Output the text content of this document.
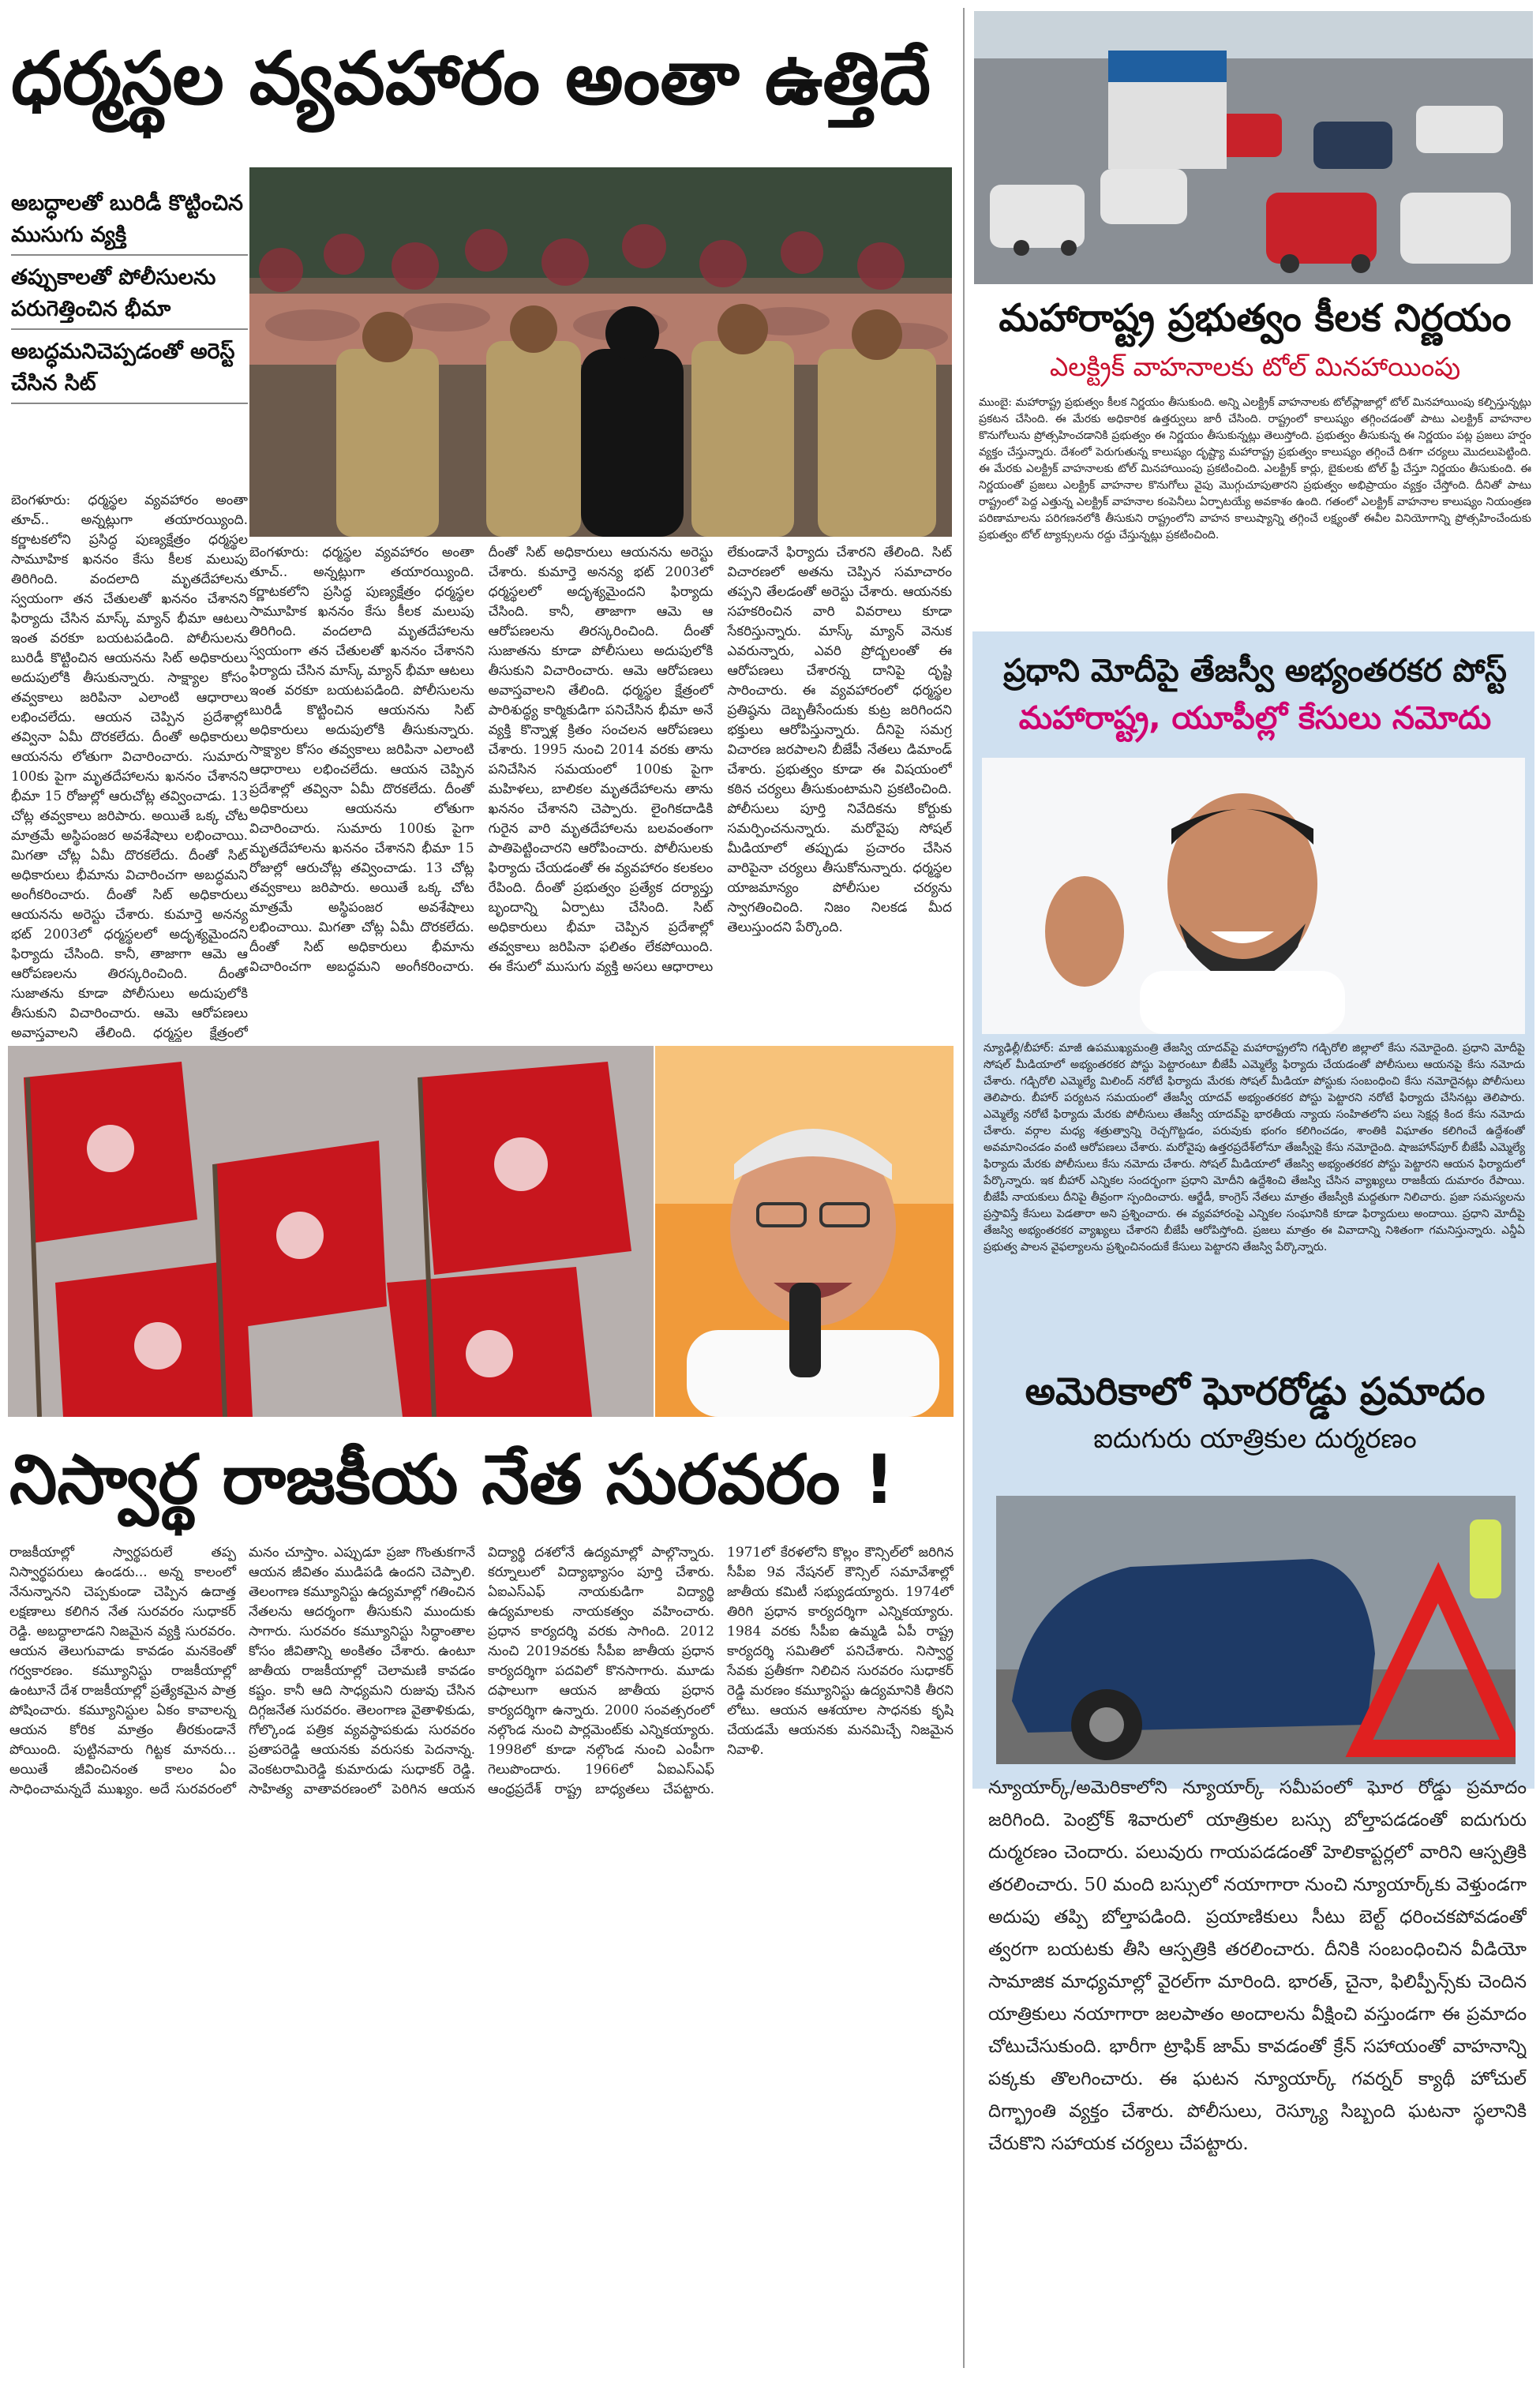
ధర్మస్థల వ్యవహారం అంతా ఉత్తిదే
అబద్ధాలతో బురిడీ కొట్టించిన ముసుగు వ్యక్తి
తప్పుకాలతో పోలీసులను పరుగెత్తించిన భీమా
అబద్ధమనిచెప్పడంతో అరెస్ట్ చేసిన సిట్
బెంగళూరు: ధర్మస్థల వ్యవహారం అంతా తూచ్.. అన్నట్లుగా తయారయ్యింది. కర్ణాటకలోని ప్రసిద్ధ పుణ్యక్షేత్రం ధర్మస్థల సామూహిక ఖననం కేసు కీలక మలుపు తిరిగింది. వందలాది మృతదేహాలను స్వయంగా తన చేతులతో ఖననం చేశానని ఫిర్యాదు చేసిన మాస్క్ మ్యాన్ భీమా ఆటలు ఇంత వరకూ బయటపడింది. పోలీసులను బురిడీ కొట్టించిన ఆయనను సిట్ అధికారులు అదుపులోకి తీసుకున్నారు. సాక్ష్యాల కోసం తవ్వకాలు జరిపినా ఎలాంటి ఆధారాలు లభించలేదు. ఆయన చెప్పిన ప్రదేశాల్లో తవ్వినా ఏమీ దొరకలేదు. దీంతో అధికారులు ఆయనను లోతుగా విచారించారు. సుమారు 100కు పైగా మృతదేహాలను ఖననం చేశానని భీమా 15 రోజుల్లో ఆరుచోట్ల తవ్వించాడు. 13 చోట్ల తవ్వకాలు జరిపారు. అయితే ఒక్క చోట మాత్రమే అస్థిపంజర అవశేషాలు లభించాయి. మిగతా చోట్ల ఏమీ దొరకలేదు. దీంతో సిట్ అధికారులు భీమాను విచారించగా అబద్ధమని అంగీకరించారు. దీంతో సిట్ అధికారులు ఆయనను అరెస్టు చేశారు. కుమార్తె అనన్య భట్ 2003లో ధర్మస్థలలో అదృశ్యమైందని ఫిర్యాదు చేసింది. కానీ, తాజాగా ఆమె ఆ ఆరోపణలను తిరస్కరించింది. దీంతో సుజాతను కూడా పోలీసులు అదుపులోకి తీసుకుని విచారించారు. ఆమె ఆరోపణలు అవాస్తవాలని తేలింది. ధర్మస్థల క్షేత్రంలో
బెంగళూరు: ధర్మస్థల వ్యవహారం అంతా తూచ్.. అన్నట్లుగా తయారయ్యింది. కర్ణాటకలోని ప్రసిద్ధ పుణ్యక్షేత్రం ధర్మస్థల సామూహిక ఖననం కేసు కీలక మలుపు తిరిగింది. వందలాది మృతదేహాలను స్వయంగా తన చేతులతో ఖననం చేశానని ఫిర్యాదు చేసిన మాస్క్ మ్యాన్ భీమా ఆటలు ఇంత వరకూ బయటపడింది. పోలీసులను బురిడీ కొట్టించిన ఆయనను సిట్ అధికారులు అదుపులోకి తీసుకున్నారు. సాక్ష్యాల కోసం తవ్వకాలు జరిపినా ఎలాంటి ఆధారాలు లభించలేదు. ఆయన చెప్పిన ప్రదేశాల్లో తవ్వినా ఏమీ దొరకలేదు. దీంతో అధికారులు ఆయనను లోతుగా విచారించారు. సుమారు 100కు పైగా మృతదేహాలను ఖననం చేశానని భీమా 15 రోజుల్లో ఆరుచోట్ల తవ్వించాడు. 13 చోట్ల తవ్వకాలు జరిపారు. అయితే ఒక్క చోట మాత్రమే అస్థిపంజర అవశేషాలు లభించాయి. మిగతా చోట్ల ఏమీ దొరకలేదు. దీంతో సిట్ అధికారులు భీమాను విచారించగా అబద్ధమని అంగీకరించారు. దీంతో సిట్ అధికారులు ఆయనను అరెస్టు చేశారు. కుమార్తె అనన్య భట్ 2003లో ధర్మస్థలలో అదృశ్యమైందని ఫిర్యాదు చేసింది. కానీ, తాజాగా ఆమె ఆ ఆరోపణలను తిరస్కరించింది. దీంతో సుజాతను కూడా పోలీసులు అదుపులోకి తీసుకుని విచారించారు. ఆమె ఆరోపణలు అవాస్తవాలని తేలింది. ధర్మస్థల క్షేత్రంలో పారిశుద్ధ్య కార్మికుడిగా పనిచేసిన భీమా అనే వ్యక్తి కొన్నాళ్ల క్రితం సంచలన ఆరోపణలు చేశారు. 1995 నుంచి 2014 వరకు తాను పనిచేసిన సమయంలో 100కు పైగా మహిళలు, బాలికల మృతదేహాలను తాను ఖననం చేశానని చెప్పారు. లైంగికదాడికి గురైన వారి మృతదేహాలను బలవంతంగా పాతిపెట్టించారని ఆరోపించారు. పోలీసులకు ఫిర్యాదు చేయడంతో ఈ వ్యవహారం కలకలం రేపింది. దీంతో ప్రభుత్వం ప్రత్యేక దర్యాప్తు బృందాన్ని ఏర్పాటు చేసింది. సిట్ అధికారులు భీమా చెప్పిన ప్రదేశాల్లో తవ్వకాలు జరిపినా ఫలితం లేకపోయింది. ఈ కేసులో ముసుగు వ్యక్తి అసలు ఆధారాలు లేకుండానే ఫిర్యాదు చేశారని తేలింది. సిట్ విచారణలో అతను చెప్పిన సమాచారం తప్పని తేలడంతో అరెస్టు చేశారు. ఆయనకు సహకరించిన వారి వివరాలు కూడా సేకరిస్తున్నారు. మాస్క్ మ్యాన్ వెనుక ఎవరున్నారు, ఎవరి ప్రోద్బలంతో ఈ ఆరోపణలు చేశారన్న దానిపై దృష్టి సారించారు. ఈ వ్యవహారంలో ధర్మస్థల ప్రతిష్ఠను దెబ్బతీసేందుకు కుట్ర జరిగిందని భక్తులు ఆరోపిస్తున్నారు. దీనిపై సమగ్ర విచారణ జరపాలని బీజేపీ నేతలు డిమాండ్ చేశారు. ప్రభుత్వం కూడా ఈ విషయంలో కఠిన చర్యలు తీసుకుంటామని ప్రకటించింది. పోలీసులు పూర్తి నివేదికను కోర్టుకు సమర్పించనున్నారు. మరోవైపు సోషల్ మీడియాలో తప్పుడు ప్రచారం చేసిన వారిపైనా చర్యలు తీసుకోనున్నారు. ధర్మస్థల యాజమాన్యం పోలీసుల చర్యను స్వాగతించింది. నిజం నిలకడ మీద తెలుస్తుందని పేర్కొంది.
నిస్వార్థ రాజకీయ నేత సురవరం !
రాజకీయాల్లో స్వార్థపరులే తప్ప నిస్వార్థపరులు ఉండరు... అన్న కాలంలో నేనున్నానని చెప్పకుండా చెప్పిన ఉదాత్త లక్షణాలు కలిగిన నేత సురవరం సుధాకర్ రెడ్డి. అబద్ధాలాడని నిజమైన వ్యక్తి సురవరం. ఆయన తెలుగువాడు కావడం మనకెంతో గర్వకారణం. కమ్యూనిస్టు రాజకీయాల్లో ఉంటూనే దేశ రాజకీయాల్లో ప్రత్యేకమైన పాత్ర పోషించారు. కమ్యూనిస్టుల ఏకం కావాలన్న ఆయన కోరిక మాత్రం తీరకుండానే పోయింది. పుట్టినవారు గిట్టక మానరు... అయితే జీవించినంత కాలం ఏం సాధించామన్నదే ముఖ్యం. అదే సురవరంలో మనం చూస్తాం. ఎప్పుడూ ప్రజా గొంతుకగానే ఆయన జీవితం ముడిపడి ఉందని చెప్పాలి. తెలంగాణ కమ్యూనిస్టు ఉద్యమాల్లో గతించిన నేతలను ఆదర్శంగా తీసుకుని ముందుకు సాగారు. సురవరం కమ్యూనిస్టు సిద్ధాంతాల కోసం జీవితాన్ని అంకితం చేశారు. ఉంటూ జాతీయ రాజకీయాల్లో చెలామణి కావడం కష్టం. కానీ ఆది సాధ్యమని రుజువు చేసిన దిగ్గజనేత సురవరం. తెలంగాణ వైతాళికుడు, గోల్కొండ పత్రిక వ్యవస్థాపకుడు సురవరం ప్రతాపరెడ్డి ఆయనకు వరుసకు పెదనాన్న. వెంకటరామిరెడ్డి కుమారుడు సుధాకర్ రెడ్డి. సాహిత్య వాతావరణంలో పెరిగిన ఆయన విద్యార్థి దశలోనే ఉద్యమాల్లో పాల్గొన్నారు. కర్నూలులో విద్యాభ్యాసం పూర్తి చేశారు. ఏఐఎస్ఎఫ్ నాయకుడిగా విద్యార్థి ఉద్యమాలకు నాయకత్వం వహించారు. ప్రధాన కార్యదర్శి వరకు సాగింది. 2012 నుంచి 2019వరకు సీపీఐ జాతీయ ప్రధాన కార్యదర్శిగా పదవిలో కొనసాగారు. మూడు దఫాలుగా ఆయన జాతీయ ప్రధాన కార్యదర్శిగా ఉన్నారు. 2000 సంవత్సరంలో నల్గొండ నుంచి పార్లమెంట్‌కు ఎన్నికయ్యారు. 1998లో కూడా నల్గొండ నుంచి ఎంపీగా గెలుపొందారు. 1966లో ఏఐఎస్ఎఫ్ ఆంధ్రప్రదేశ్ రాష్ట్ర బాధ్యతలు చేపట్టారు. 1971లో కేరళలోని కొల్లం కౌన్సిల్‌లో జరిగిన సీపీఐ 9వ నేషనల్ కౌన్సిల్ సమావేశాల్లో జాతీయ కమిటీ సభ్యుడయ్యారు. 1974లో తిరిగి ప్రధాన కార్యదర్శిగా ఎన్నికయ్యారు. 1984 వరకు సీపీఐ ఉమ్మడి ఏపీ రాష్ట్ర కార్యదర్శి సమితిలో పనిచేశారు. నిస్వార్థ సేవకు ప్రతీకగా నిలిచిన సురవరం సుధాకర్ రెడ్డి మరణం కమ్యూనిస్టు ఉద్యమానికి తీరని లోటు. ఆయన ఆశయాల సాధనకు కృషి చేయడమే ఆయనకు మనమిచ్చే నిజమైన నివాళి.
మహారాష్ట్ర ప్రభుత్వం కీలక నిర్ణయం
ఎలక్ట్రిక్ వాహనాలకు టోల్ మినహాయింపు
ముంబై: మహారాష్ట్ర ప్రభుత్వం కీలక నిర్ణయం తీసుకుంది. అన్ని ఎలక్ట్రిక్ వాహనాలకు టోల్‌ప్లాజాల్లో టోల్ మినహాయింపు కల్పిస్తున్నట్లు ప్రకటన చేసింది. ఈ మేరకు అధికారిక ఉత్తర్వులు జారీ చేసింది. రాష్ట్రంలో కాలుష్యం తగ్గించడంతో పాటు ఎలక్ట్రిక్ వాహనాల కొనుగోలును ప్రోత్సహించడానికి ప్రభుత్వం ఈ నిర్ణయం తీసుకున్నట్లు తెలుస్తోంది. ప్రభుత్వం తీసుకున్న ఈ నిర్ణయం పట్ల ప్రజలు హర్షం వ్యక్తం చేస్తున్నారు. దేశంలో పెరుగుతున్న కాలుష్యం దృష్ట్యా మహారాష్ట్ర ప్రభుత్వం కాలుష్యం తగ్గించే దిశగా చర్యలు మొదలుపెట్టింది. ఈ మేరకు ఎలక్ట్రిక్ వాహనాలకు టోల్ మినహాయింపు ప్రకటించింది. ఎలక్ట్రిక్ కార్లు, బైకులకు టోల్ ఫ్రీ చేస్తూ నిర్ణయం తీసుకుంది. ఈ నిర్ణయంతో ప్రజలు ఎలక్ట్రిక్ వాహనాల కొనుగోలు వైపు మొగ్గుచూపుతారని ప్రభుత్వం అభిప్రాయం వ్యక్తం చేస్తోంది. దీనితో పాటు రాష్ట్రంలో పెద్ద ఎత్తున్న ఎలక్ట్రిక్ వాహనాల కంపెనీలు ఏర్పాటయ్యే అవకాశం ఉంది. గతంలో ఎలక్ట్రిక్ వాహనాల కాలుష్యం నియంత్రణ పరిణామాలను పరిగణనలోకి తీసుకుని రాష్ట్రంలోని వాహన కాలుష్యాన్ని తగ్గించే లక్ష్యంతో ఈవీల వినియోగాన్ని ప్రోత్సహించేందుకు ప్రభుత్వం టోల్ ట్యాక్సులను రద్దు చేస్తున్నట్లు ప్రకటించింది.
ప్రధాని మోదీపై తేజస్వీ అభ్యంతరకర పోస్ట్
మహారాష్ట్ర, యూపీల్లో కేసులు నమోదు
న్యూఢిల్లీ/బీహార్: మాజీ ఉపముఖ్యమంత్రి తేజస్వి యాదవ్‌పై మహారాష్ట్రలోని గడ్చిరోలి జిల్లాలో కేసు నమోదైంది. ప్రధాని మోదీపై సోషల్ మీడియాలో అభ్యంతరకర పోస్టు పెట్టారంటూ బీజేపీ ఎమ్మెల్యే ఫిర్యాదు చేయడంతో పోలీసులు ఆయనపై కేసు నమోదు చేశారు. గడ్చిరోలి ఎమ్మెల్యే మిలింద్ నరోటే ఫిర్యాదు మేరకు సోషల్ మీడియా పోస్టుకు సంబంధించి కేసు నమోదైనట్లు పోలీసులు తెలిపారు. బీహార్ పర్యటన సమయంలో తేజస్వీ యాదవ్ అభ్యంతరకర పోస్టు పెట్టారని నరోటే ఫిర్యాదు చేసినట్లు తెలిపారు. ఎమ్మెల్యే నరోటే ఫిర్యాదు మేరకు పోలీసులు తేజస్వీ యాదవ్‌పై భారతీయ న్యాయ సంహితలోని పలు సెక్షన్ల కింద కేసు నమోదు చేశారు. వర్గాల మధ్య శత్రుత్వాన్ని రెచ్చగొట్టడం, పరువుకు భంగం కలిగించడం, శాంతికి విఘాతం కలిగించే ఉద్దేశంతో అవమానించడం వంటి ఆరోపణలు చేశారు. మరోవైపు ఉత్తరప్రదేశ్‌లోనూ తేజస్వీపై కేసు నమోదైంది. షాజహాన్‌పూర్ బీజేపీ ఎమ్మెల్యే ఫిర్యాదు మేరకు పోలీసులు కేసు నమోదు చేశారు. సోషల్ మీడియాలో తేజస్వి అభ్యంతరకర పోస్టు పెట్టారని ఆయన ఫిర్యాదులో పేర్కొన్నారు. ఇక బీహార్ ఎన్నికల సందర్భంగా ప్రధాని మోదీని ఉద్దేశించి తేజస్వి చేసిన వ్యాఖ్యలు రాజకీయ దుమారం రేపాయి. బీజేపీ నాయకులు దీనిపై తీవ్రంగా స్పందించారు. ఆర్జేడీ, కాంగ్రెస్ నేతలు మాత్రం తేజస్వీకి మద్దతుగా నిలిచారు. ప్రజా సమస్యలను ప్రస్తావిస్తే కేసులు పెడతారా అని ప్రశ్నించారు. ఈ వ్యవహారంపై ఎన్నికల సంఘానికి కూడా ఫిర్యాదులు అందాయి. ప్రధాని మోదీపై తేజస్వి అభ్యంతరకర వ్యాఖ్యలు చేశారని బీజేపీ ఆరోపిస్తోంది. ప్రజలు మాత్రం ఈ వివాదాన్ని నిశితంగా గమనిస్తున్నారు. ఎన్డీఏ ప్రభుత్వ పాలన వైఫల్యాలను ప్రశ్నించినందుకే కేసులు పెట్టారని తేజస్వి పేర్కొన్నారు.
అమెరికాలో ఘోరరోడ్డు ప్రమాదం
ఐదుగురు యాత్రికుల దుర్మరణం
న్యూయార్క్/అమెరికాలోని న్యూయార్క్ సమీపంలో ఘోర రోడ్డు ప్రమాదం జరిగింది. పెంబ్రోక్ శివారులో యాత్రికుల బస్సు బోల్తాపడడంతో ఐదుగురు దుర్మరణం చెందారు. పలువురు గాయపడడంతో హెలికాప్టర్లలో వారిని ఆస్పత్రికి తరలించారు. 50 మంది బస్సులో నయాగారా నుంచి న్యూయార్క్‌కు వెళ్తుండగా అదుపు తప్పి బోల్తాపడింది. ప్రయాణికులు సీటు బెల్ట్ ధరించకపోవడంతో త్వరగా బయటకు తీసి ఆస్పత్రికి తరలించారు. దీనికి సంబంధించిన వీడియో సామాజిక మాధ్యమాల్లో వైరల్‌గా మారింది. భారత్, చైనా, ఫిలిప్పీన్స్‌కు చెందిన యాత్రికులు నయాగారా జలపాతం అందాలను వీక్షించి వస్తుండగా ఈ ప్రమాదం చోటుచేసుకుంది. భారీగా ట్రాఫిక్ జామ్ కావడంతో క్రేన్ సహాయంతో వాహనాన్ని పక్కకు తొలగించారు. ఈ ఘటన న్యూయార్క్ గవర్నర్ క్యాథీ హోచుల్ దిగ్భ్రాంతి వ్యక్తం చేశారు. పోలీసులు, రెస్క్యూ సిబ్బంది ఘటనా స్థలానికి చేరుకొని సహాయక చర్యలు చేపట్టారు.
